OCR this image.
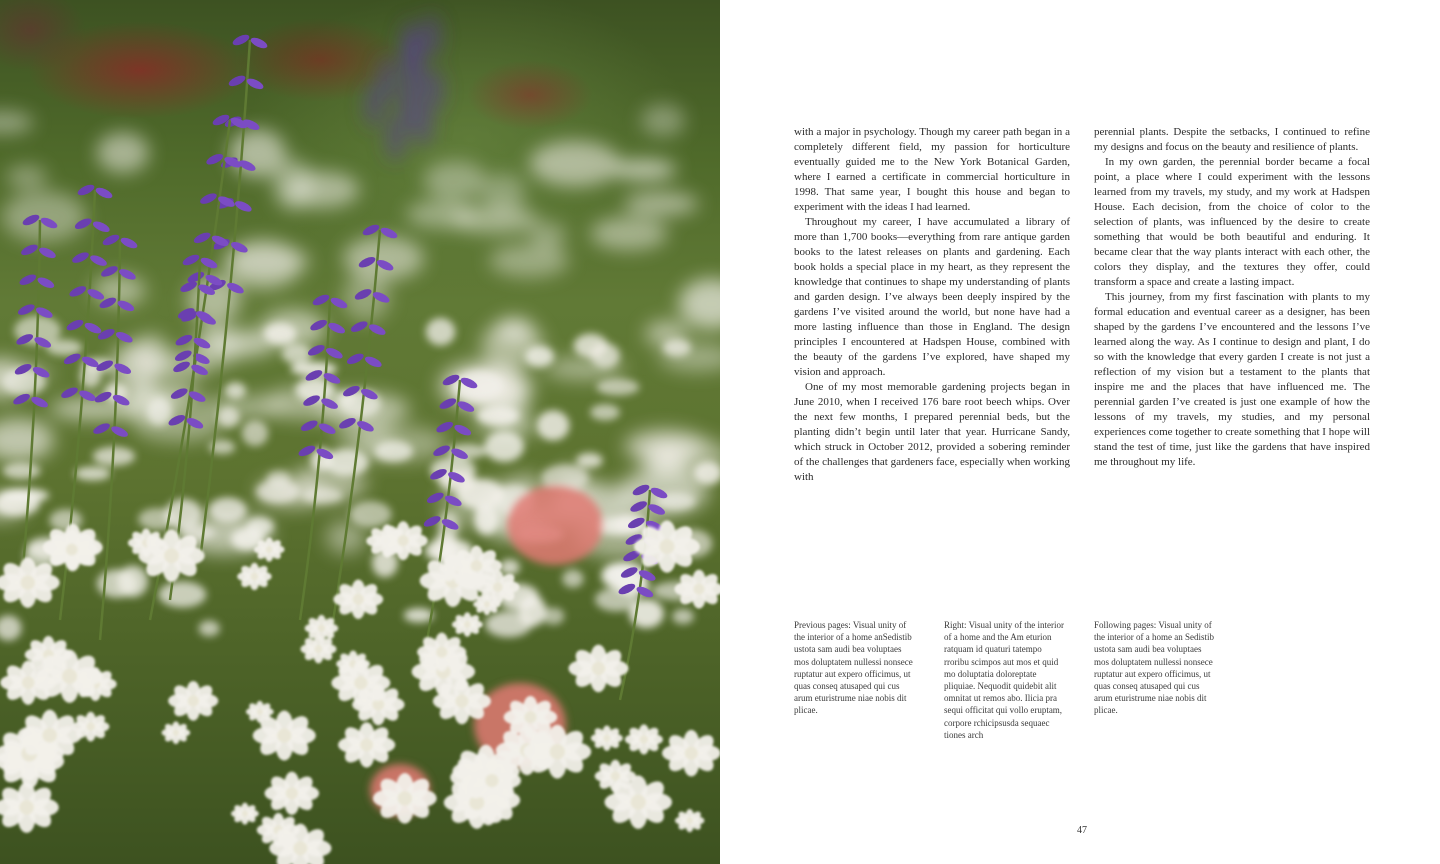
with a major in psychology. Though my career path began in a completely different field, my passion for horticulture eventually guided me to the New York Botanical Garden, where I earned a certificate in commercial horticulture in 1998. That same year, I bought this house and began to experiment with the ideas I had learned.

Throughout my career, I have accumulated a library of more than 1,700 books—everything from rare antique garden books to the latest releases on plants and gardening. Each book holds a special place in my heart, as they represent the knowledge that continues to shape my understanding of plants and garden design. I’ve always been deeply inspired by the gardens I’ve visited around the world, but none have had a more lasting influence than those in England. The design principles I encountered at Hadspen House, combined with the beauty of the gardens I’ve explored, have shaped my vision and approach.

One of my most memorable gardening projects began in June 2010, when I received 176 bare root beech whips. Over the next few months, I prepared perennial beds, but the planting didn’t begin until later that year. Hurricane Sandy, which struck in October 2012, provided a sobering reminder of the challenges that gardeners face, especially when working with

perennial plants. Despite the setbacks, I continued to refine my designs and focus on the beauty and resilience of plants.

In my own garden, the perennial border became a focal point, a place where I could experiment with the lessons learned from my travels, my study, and my work at Hadspen House. Each decision, from the choice of color to the selection of plants, was influenced by the desire to create something that would be both beautiful and enduring. It became clear that the way plants interact with each other, the colors they display, and the textures they offer, could transform a space and create a lasting impact.

This journey, from my first fascination with plants to my formal education and eventual career as a designer, has been shaped by the gardens I’ve encountered and the lessons I’ve learned along the way. As I continue to design and plant, I do so with the knowledge that every garden I create is not just a reflection of my vision but a testament to the plants that inspire me and the places that have influenced me. The perennial garden I’ve created is just one example of how the lessons of my travels, my studies, and my personal experiences come together to create something that I hope will stand the test of time, just like the gardens that have inspired me throughout my life.

Previous pages: Visual unity of the interior of a home anSedistib ustota sam audi bea voluptaes mos doluptatem nullessi nonsece ruptatur aut expero officimus, ut quas conseq atusaped qui cus arum eturistrume niae nobis dit plicae.
Right: Visual unity of the interior of a home and the Am eturion ratquam id quaturi tatempo rroribu scimpos aut mos et quid mo doluptatia doloreptate pliquiae. Nequodit quidebit alit omnitat ut remos abo. Ilicia pra sequi officitat qui vollo eruptam, corpore rchicipsusda sequaec tiones arch
Following pages: Visual unity of the interior of a home an Sedistib ustota sam audi bea voluptaes mos doluptatem nullessi nonsece ruptatur aut expero officimus, ut quas conseq atusaped qui cus arum eturistrume niae nobis dit plicae.
47
